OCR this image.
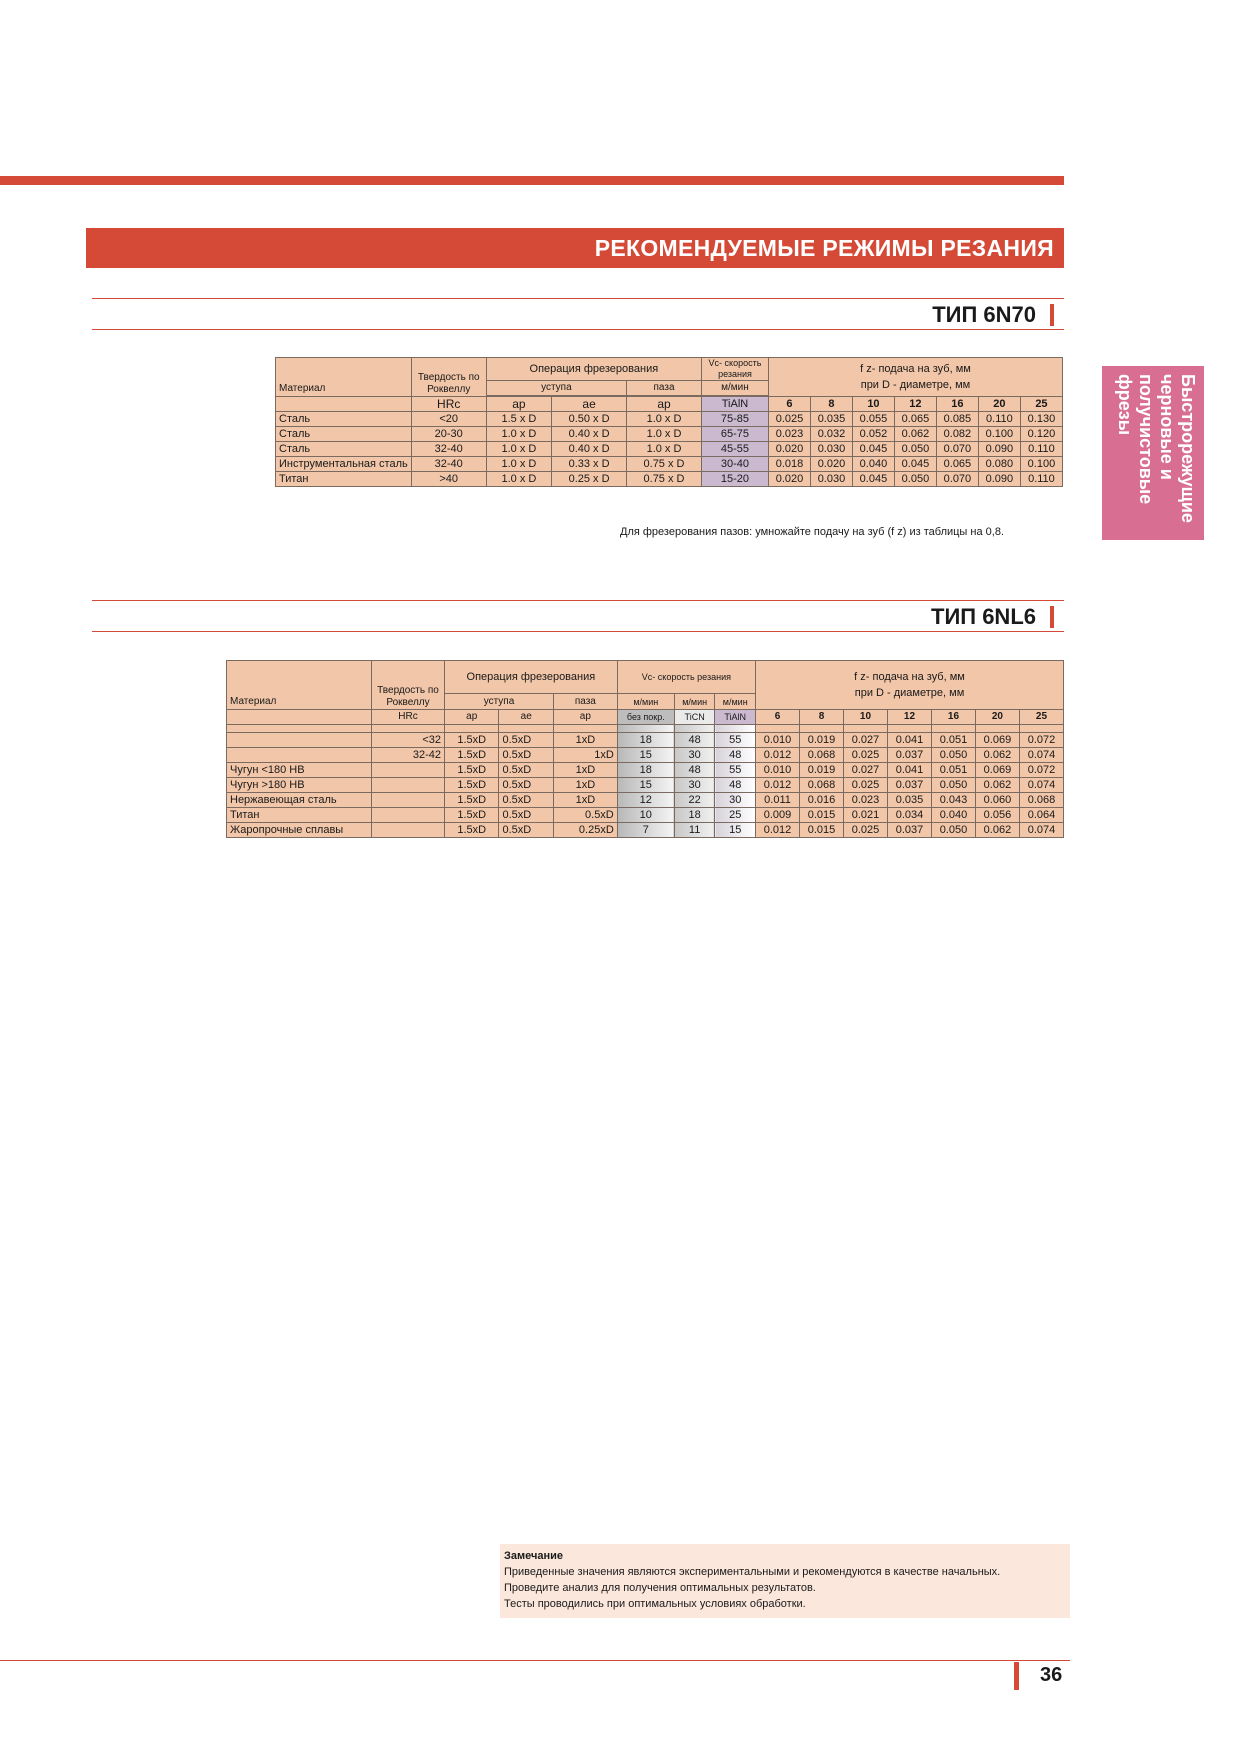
РЕКОМЕНДУЕМЫЕ РЕЖИМЫ РЕЗАНИЯ
Быстрорежущие черновые и получистовые фрезы
ТИП 6N70
Материал	Твердость по Роквеллу	Операция фрезерования			Vc- скорость резания	f z- подача на зуб, мм
при D - диаметре, мм						
		уступа		паза	м/мин							

	HRc	ap	ae	ap	TiAlN	6	8	10	12	16	20	25
Сталь	<20	1.5 x D	0.50 x D	1.0 x D	75-85	0.025	0.035	0.055	0.065	0.085	0.110	0.130
Сталь	20-30	1.0 x D	0.40 x D	1.0 x D	65-75	0.023	0.032	0.052	0.062	0.082	0.100	0.120
Сталь	32-40	1.0 x D	0.40 x D	1.0 x D	45-55	0.020	0.030	0.045	0.050	0.070	0.090	0.110
Инструментальная сталь	32-40	1.0 x D	0.33 x D	0.75 x D	30-40	0.018	0.020	0.040	0.045	0.065	0.080	0.100
Титан	>40	1.0 x D	0.25 x D	0.75 x D	15-20	0.020	0.030	0.045	0.050	0.070	0.090	0.110
Для фрезерования пазов: умножайте подачу на зуб (f z) из таблицы на 0,8.
ТИП 6NL6
Материал	Твердость по Роквеллу	Операция фрезерования			Vc- скорость резания			f z- подача на зуб, мм
при D - диаметре, мм						
		уступа		паза	м/мин	м/мин	м/мин							
	HRc	ap	ae	ap	без покр.	TiCN	TiAlN	6	8	10	12	16	20	25

	<32	1.5xD	0.5xD	1xD	18	48	55	0.010	0.019	0.027	0.041	0.051	0.069	0.072
	32-42	1.5xD	0.5xD	1xD	15	30	48	0.012	0.068	0.025	0.037	0.050	0.062	0.074
Чугун <180 HB		1.5xD	0.5xD	1xD	18	48	55	0.010	0.019	0.027	0.041	0.051	0.069	0.072
Чугун >180 HB		1.5xD	0.5xD	1xD	15	30	48	0.012	0.068	0.025	0.037	0.050	0.062	0.074
Нержавеющая сталь		1.5xD	0.5xD	1xD	12	22	30	0.011	0.016	0.023	0.035	0.043	0.060	0.068
Титан		1.5xD	0.5xD	0.5xD	10	18	25	0.009	0.015	0.021	0.034	0.040	0.056	0.064
Жаропрочные сплавы		1.5xD	0.5xD	0.25xD	7	11	15	0.012	0.015	0.025	0.037	0.050	0.062	0.074
Замечание
Приведенные значения являются экспериментальными и рекомендуются в качестве начальных.
Проведите анализ для получения оптимальных результатов.
Тесты проводились при оптимальных условиях обработки.
36
